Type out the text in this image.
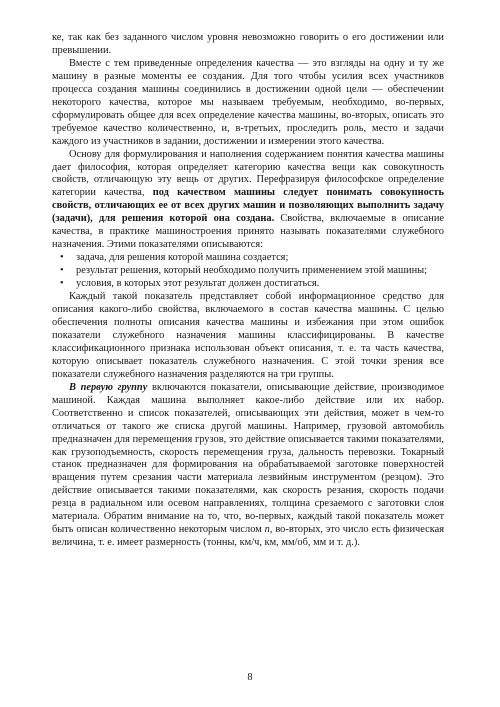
ке, так как без заданного числом уровня невозможно говорить о его достижении или превышении.

Вместе с тем приведенные определения качества — это взгляды на одну и ту же машину в разные моменты ее создания. Для того чтобы усилия всех участников процесса создания машины соединились в достижении одной цели — обеспечении некоторого качества, которое мы называем требуемым, необходимо, во-первых, сформулировать общее для всех определение качества машины, во-вторых, описать это требуемое качество количественно, и, в-третьих, проследить роль, место и задачи каждого из участников в задании, достижении и измерении этого качества.

Основу для формулирования и наполнения содержанием понятия качества машины дает философия, которая определяет категорию качества вещи как совокупность свойств, отличающую эту вещь от других. Перефразируя философское определение категории качества, под качеством машины следует понимать совокупность свойств, отличающих ее от всех других машин и позволяющих выполнить задачу (задачи), для решения которой она создана. Свойства, включаемые в описание качества, в практике машиностроения принято называть показателями служебного назначения. Этими показателями описываются:

• задача, для решения которой машина создается;
• результат решения, который необходимо получить применением этой машины;
• условия, в которых этот результат должен достигаться.

Каждый такой показатель представляет собой информационное средство для описания какого-либо свойства, включаемого в состав качества машины. С целью обеспечения полноты описания качества машины и избежания при этом ошибок показатели служебного назначения машины классифицированы. В качестве классификационного признака использован объект описания, т. е. та часть качества, которую описывает показатель служебного назначения. С этой точки зрения все показатели служебного назначения разделяются на три группы.

В первую группу включаются показатели, описывающие действие, производимое машиной. Каждая машина выполняет какое-либо действие или их набор. Соответственно и список показателей, описывающих эти действия, может в чем-то отличаться от такого же списка другой машины. Например, грузовой автомобиль предназначен для перемещения грузов, это действие описывается такими показателями, как грузоподъемность, скорость перемещения груза, дальность перевозки. Токарный станок предназначен для формирования на обрабатываемой заготовке поверхностей вращения путем срезания части материала лезвийным инструментом (резцом). Это действие описывается такими показателями, как скорость резания, скорость подачи резца в радиальном или осевом направлениях, толщина срезаемого с заготовки слоя материала. Обратим внимание на то, что, во-первых, каждый такой показатель может быть описан количественно некоторым числом n, во-вторых, это число есть физическая величина, т. е. имеет размерность (тонны, км/ч, км, мм/об, мм и т. д.).

8
